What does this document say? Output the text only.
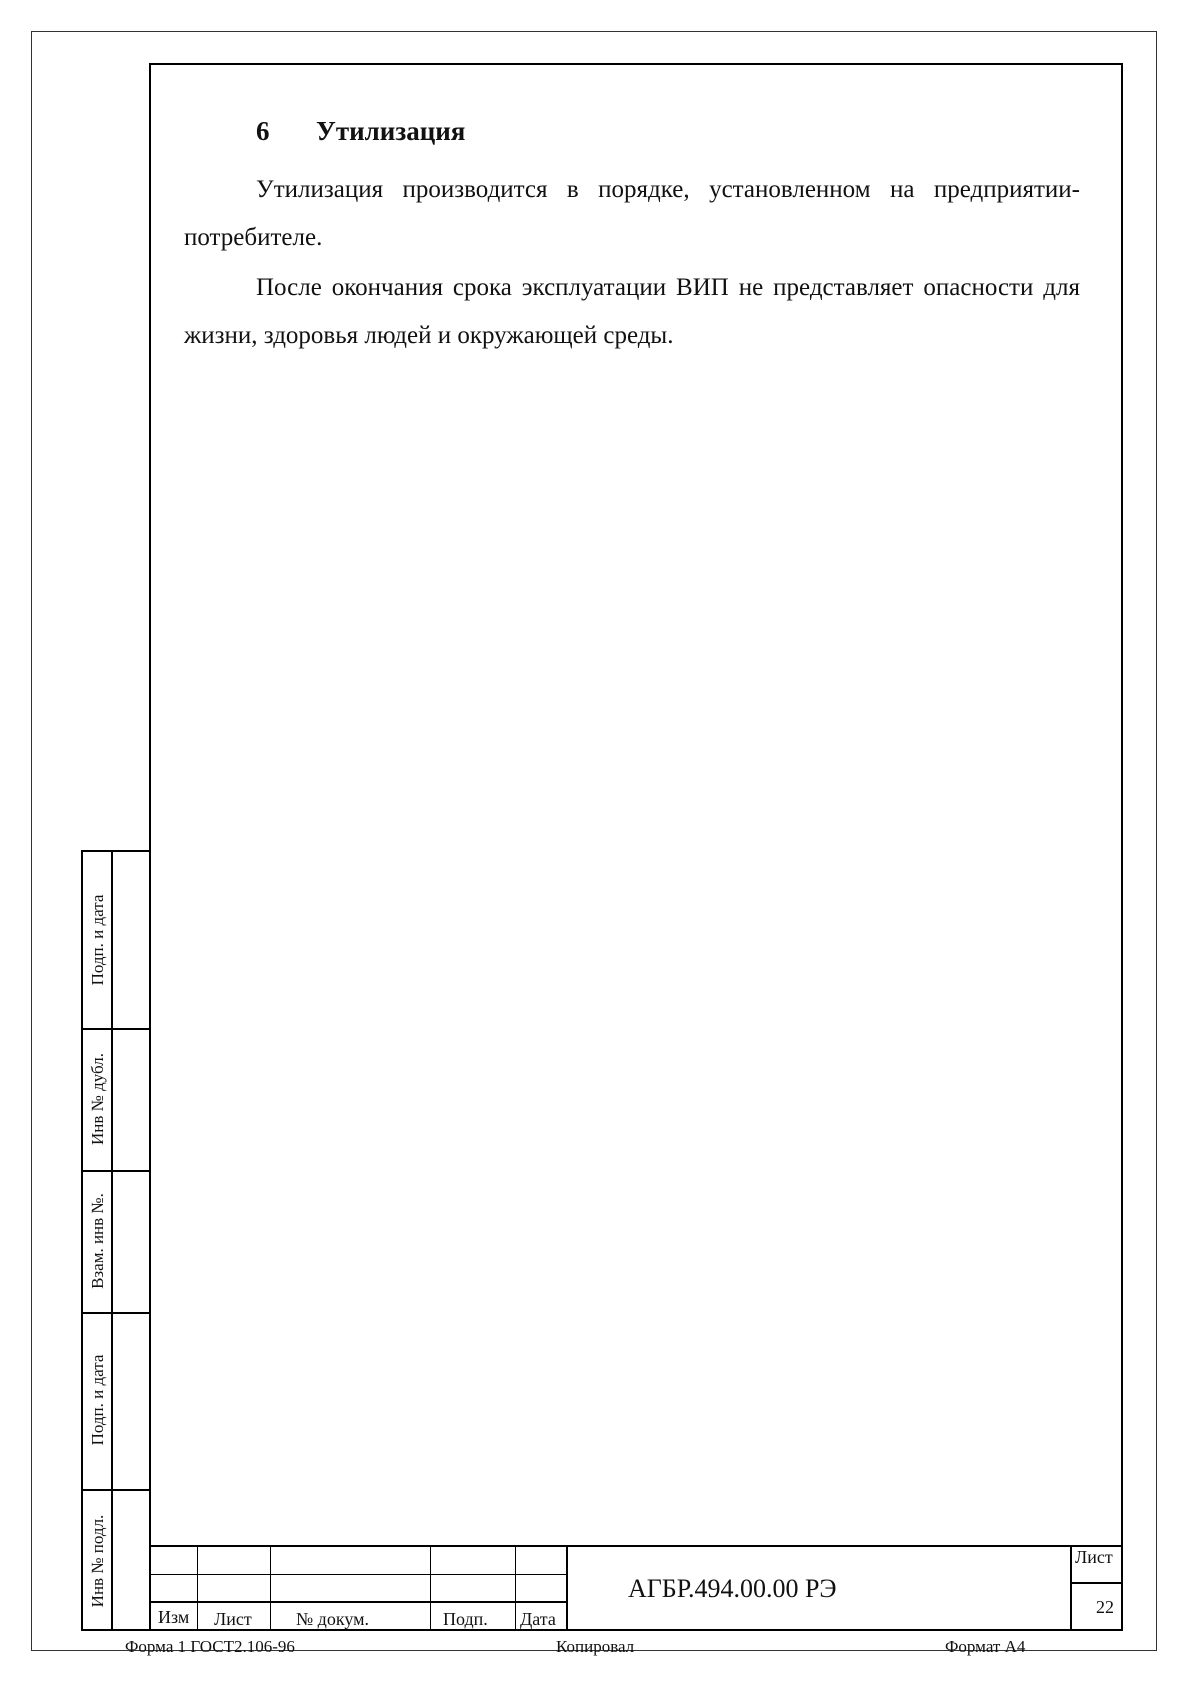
6 Утилизация

Утилизация производится в порядке, установленном на предприятии-потребителе.

После окончания срока эксплуатации ВИП не представляет опасности для жизни, здоровья людей и окружающей среды.

Подп. и дата
Инв № дубл.
Взам. инв №.
Подп. и дата
Инв № подл.
Изм Лист № докум.	Подп. Дата
АГБР.494.00.00 РЭ
Лист
22
Форма 1 ГОСТ2.106-96	Копировал	Формат А4
